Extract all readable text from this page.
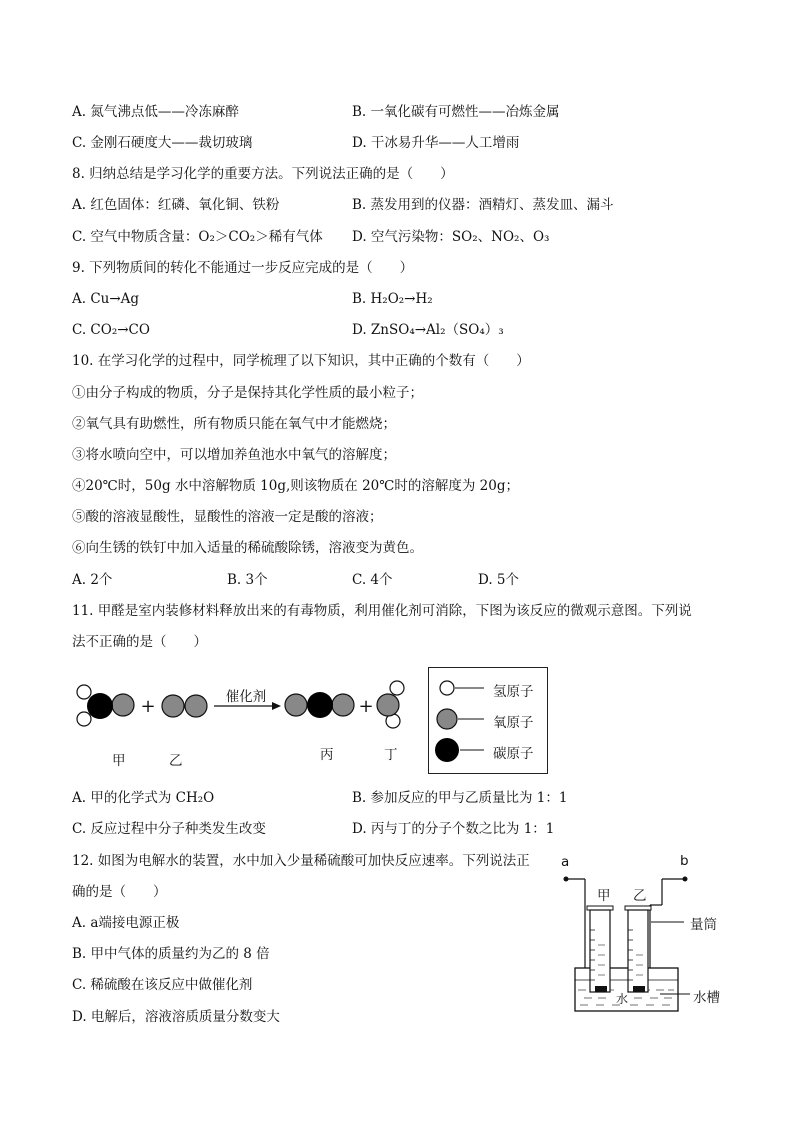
A. 氮气沸点低——冷冻麻醉	B. 一氧化碳有可燃性——冶炼金属
C. 金刚石硬度大——裁切玻璃	D. 干冰易升华——人工增雨
8. 归纳总结是学习化学的重要方法。下列说法正确的是（　　）
A. 红色固体：红磷、氧化铜、铁粉	B. 蒸发用到的仪器：酒精灯、蒸发皿、漏斗
C. 空气中物质含量：O₂＞CO₂＞稀有气体 D. 空气污染物：SO₂、NO₂、O₃
9. 下列物质间的转化不能通过一步反应完成的是（　　）
A. Cu→Ag	B. H₂O₂→H₂
C. CO₂→CO	D. ZnSO₄→Al₂（SO₄）₃
10. 在学习化学的过程中，同学梳理了以下知识，其中正确的个数有（　　）
①由分子构成的物质，分子是保持其化学性质的最小粒子；
②氧气具有助燃性，所有物质只能在氧气中才能燃烧；
③将水喷向空中，可以增加养鱼池水中氧气的溶解度；
④20℃时，50g 水中溶解物质 10g,则该物质在 20℃时的溶解度为 20g；
⑤酸的溶液显酸性，显酸性的溶液一定是酸的溶液；
⑥向生锈的铁钉中加入适量的稀硫酸除锈，溶液变为黄色。
A. 2个	B. 3个	C. 4个	D. 5个
11. 甲醛是室内装修材料释放出来的有毒物质，利用催化剂可消除，下图为该反应的微观示意图。下列说
法不正确的是（　　）
+	催化剂	+
甲	乙	丙	丁
氢原子
氧原子
碳原子
A. 甲的化学式为 CH₂O	B. 参加反应的甲与乙质量比为 1：1
C. 反应过程中分子种类发生改变	D. 丙与丁的分子个数之比为 1：1
12. 如图为电解水的装置，水中加入少量稀硫酸可加快反应速率。下列说法正
确的是（　　）
A. a端接电源正极
B. 甲中气体的质量约为乙的 8 倍
C. 稀硫酸在该反应中做催化剂
D. 电解后，溶液溶质质量分数变大
a	b
甲 乙
量筒
水	水槽
